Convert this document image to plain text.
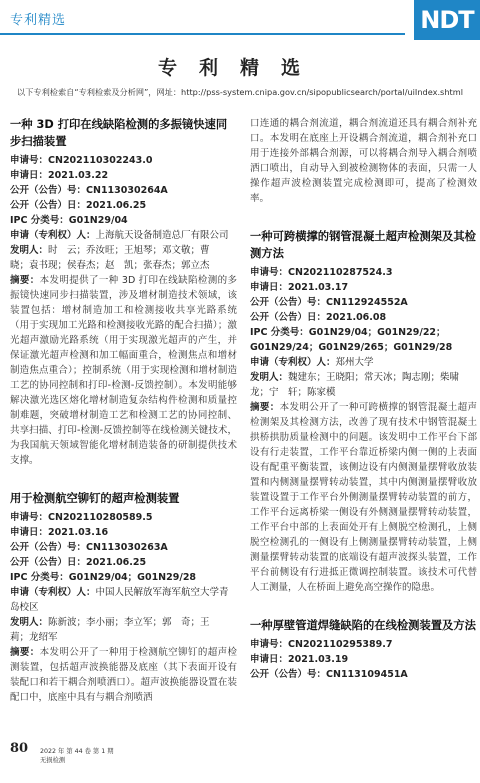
专利精选	NDT
专利精选
以下专利检索自“专利检索及分析网”，网址：http://pss-system.cnipa.gov.cn/sipopublicsearch/portal/uiIndex.shtml

一种 3D 打印在线缺陷检测的多振镜快速同步扫描装置

申请号：CN202110302243.0

申请日：2021.03.22

公开（公告）号：CN113030264A

公开（公告）日：2021.06.25

IPC 分类号：G01N29/04

申请（专利权）人：上海航天设备制造总厂有限公司

发明人：时　云；乔汝旺；王旭琴；邓文敬；曹　晓；袁书现；侯春杰；赵　凯；张春杰；郭立杰

摘要：本发明提供了一种 3D 打印在线缺陷检测的多振镜快速同步扫描装置，涉及增材制造技术领域，该装置包括：增材制造加工和检测接收共享光路系统（用于实现加工光路和检测接收光路的配合扫描）；激光超声激励光路系统（用于实现激光超声的产生，并保证激光超声检测和加工幅面重合，检测焦点和增材制造焦点重合）；控制系统（用于实现检测和增材制造工艺的协同控制和打印-检测-反馈控制）。本发明能够解决激光选区熔化增材制造复杂结构件检测和质量控制难题，突破增材制造工艺和检测工艺的协同控制、共享扫描、打印-检测-反馈控制等在线检测关键技术，为我国航天领域智能化增材制造装备的研制提供技术支撑。

用于检测航空铆钉的超声检测装置

申请号：CN202110280589.5

申请日：2021.03.16

公开（公告）号：CN113030263A

公开（公告）日：2021.06.25

IPC 分类号：G01N29/04；G01N29/28

申请（专利权）人：中国人民解放军海军航空大学青岛校区

发明人：陈新波；李小丽；李立军；郭　奇；王　莉；龙绍军

摘要：本发明公开了一种用于检测航空铆钉的超声检测装置，包括超声波换能器及底座（其下表面开设有装配口和若干耦合剂喷洒口）。超声波换能器设置在装配口中，底座中具有与耦合剂喷洒

口连通的耦合剂流道，耦合剂流道还具有耦合剂补充口。本发明在底座上开设耦合剂流道，耦合剂补充口用于连接外部耦合剂源，可以将耦合剂导入耦合剂喷洒口喷出，自动导入到被检测物体的表面，只需一人操作超声波检测装置完成检测即可，提高了检测效率。

一种可跨横撑的钢管混凝土超声检测架及其检测方法

申请号：CN202110287524.3

申请日：2021.03.17

公开（公告）号：CN112924552A

公开（公告）日：2021.06.08

IPC 分类号：G01N29/04；G01N29/22；G01N29/24；G01N29/265；G01N29/28

申请（专利权）人：郑州大学

发明人：魏建东；王晓阳；常天冰；陶志刚；柴啸龙；宁　轩；陈家模

摘要：本发明公开了一种可跨横撑的钢管混凝土超声检测架及其检测方法，改善了现有技术中钢管混凝土拱桥拱肋质量检测中的问题。该发明中工作平台下部设有行走装置，工作平台靠近桥梁内侧一侧的上表面设有配重平衡装置，该侧边设有内侧测量摆臂收放装置和内侧测量摆臂转动装置，其中内侧测量摆臂收放装置设置于工作平台外侧测量摆臂转动装置的前方，工作平台远离桥梁一侧设有外侧测量摆臂转动装置，工作平台中部的上表面处开有上侧脱空检测孔，上侧脱空检测孔的一侧设有上侧测量摆臂转动装置，上侧测量摆臂转动装置的底端设有超声波探头装置，工作平台前侧设有行进抵正微调控制装置。该技术可代替人工测量，人在桥面上避免高空操作的隐患。

一种厚壁管道焊缝缺陷的在线检测装置及方法

申请号：CN202110295389.7

申请日：2021.03.19

公开（公告）号：CN113109451A

80 2022 年 第 44 卷 第 1 期
无损检测
